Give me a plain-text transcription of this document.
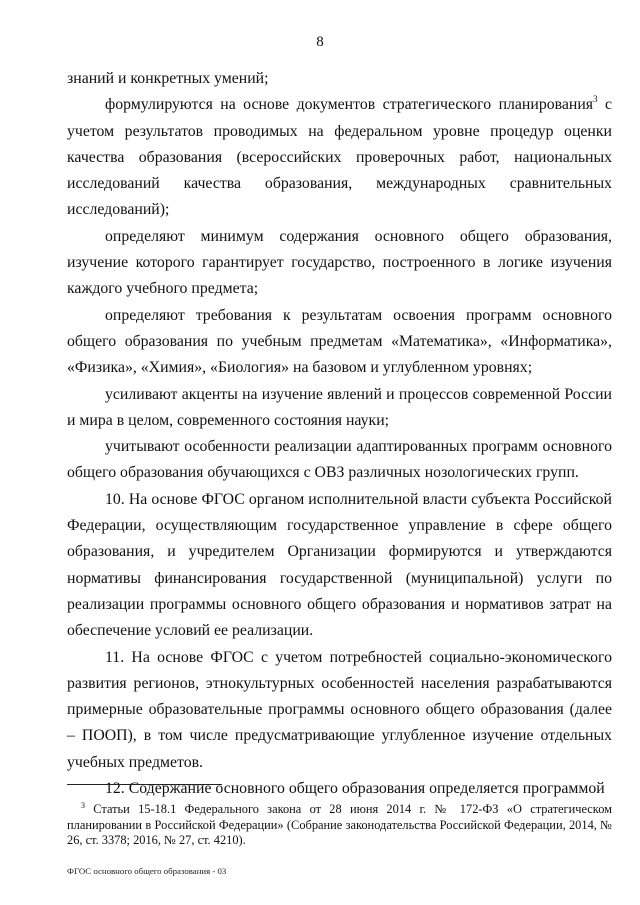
8

знаний и конкретных умений;

формулируются на основе документов стратегического планирования$^3$ с учетом результатов проводимых на федеральном уровне процедур оценки качества образования (всероссийских проверочных работ, национальных исследований качества образования, международных сравнительных исследований);

определяют минимум содержания основного общего образования, изучение которого гарантирует государство, построенного в логике изучения каждого учебного предмета;

определяют требования к результатам освоения программ основного общего образования по учебным предметам «Математика», «Информатика», «Физика», «Химия», «Биология» на базовом и углубленном уровнях;

усиливают акценты на изучение явлений и процессов современной России и мира в целом, современного состояния науки;

учитывают особенности реализации адаптированных программ основного общего образования обучающихся с ОВЗ различных нозологических групп.

10. На основе ФГОС органом исполнительной власти субъекта Российской Федерации, осуществляющим государственное управление в сфере общего образования, и учредителем Организации формируются и утверждаются нормативы финансирования государственной (муниципальной) услуги по реализации программы основного общего образования и нормативов затрат на обеспечение условий ее реализации.

11. На основе ФГОС с учетом потребностей социально-экономического развития регионов, этнокультурных особенностей населения разрабатываются примерные образовательные программы основного общего образования (далее – ПООП), в том числе предусматривающие углубленное изучение отдельных учебных предметов.

12. Содержание основного общего образования определяется программой

$^3$ Статьи 15-18.1 Федерального закона от 28 июня 2014 г. № 172-ФЗ «О стратегическом планировании в Российской Федерации» (Собрание законодательства Российской Федерации, 2014, № 26, ст. 3378; 2016, № 27, ст. 4210).

ФГОС основного общего образования - 03
